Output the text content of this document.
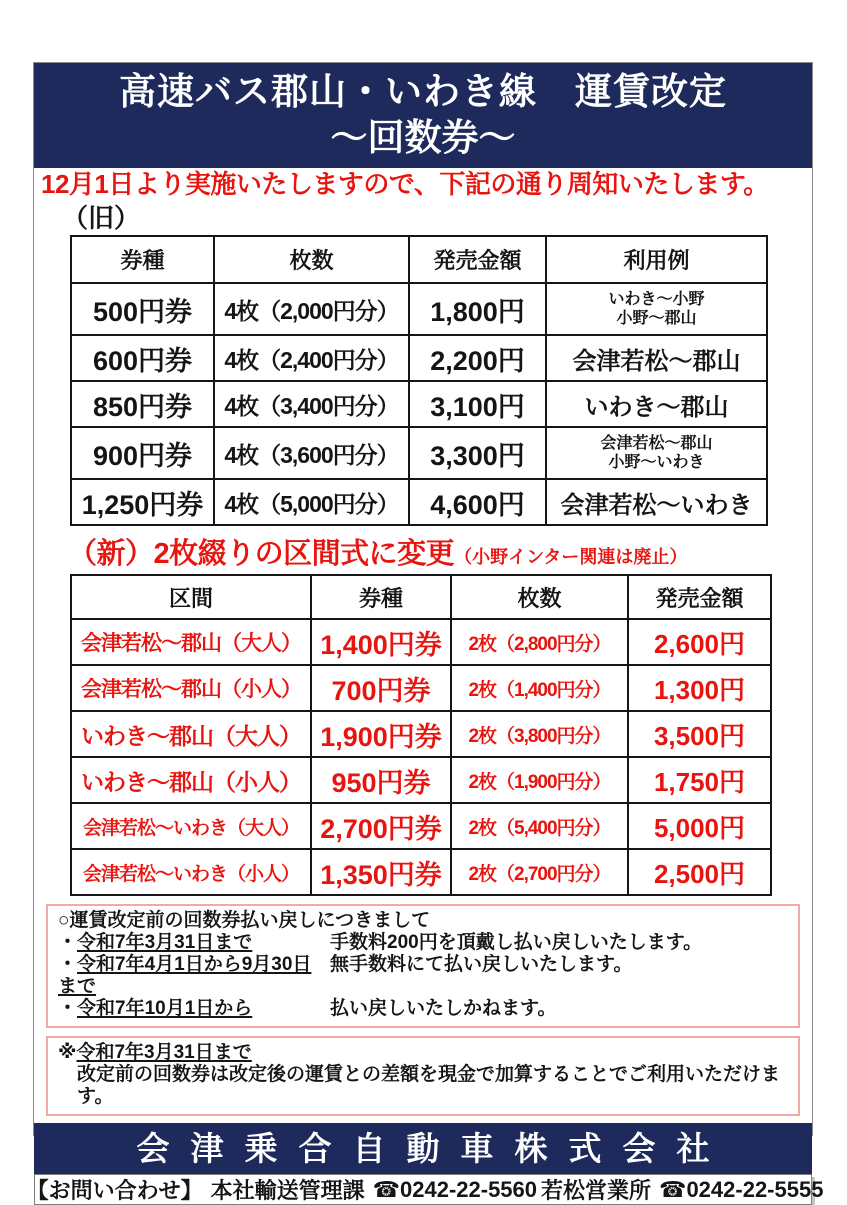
高速バス郡山・いわき線　運賃改定
～回数券～
12月1日より実施いたしますので、下記の通り周知いたします。
（旧）
券種	枚数	発売金額	利用例
500円券	4枚（2,000円分）	1,800円	いわき～小野
小野～郡山

600円券	4枚（2,400円分）	2,200円	会津若松～郡山
850円券	4枚（3,400円分）	3,100円	いわき～郡山
900円券	4枚（3,600円分）	3,300円	会津若松～郡山
小野～いわき

1,250円券	4枚（5,000円分）	4,600円	会津若松～いわき
（新）2枚綴りの区間式に変更（小野インター関連は廃止）
区間	券種	枚数	発売金額
会津若松～郡山（大人）	1,400円券	2枚（2,800円分）	2,600円
会津若松～郡山（小人）	700円券	2枚（1,400円分）	1,300円
いわき～郡山（大人）	1,900円券	2枚（3,800円分）	3,500円
いわき～郡山（小人）	950円券	2枚（1,900円分）	1,750円
会津若松～いわき（大人）	2,700円券	2枚（5,400円分）	5,000円
会津若松～いわき（小人）	1,350円券	2枚（2,700円分）	2,500円
○運賃改定前の回数券払い戻しにつきまして
・令和7年3月31日まで	手数料200円を頂戴し払い戻しいたします。
・令和7年4月1日から9月30日まで
無手数料にて払い戻しいたします。
・令和7年10月1日から	払い戻しいたしかねます。
※令和7年3月31日まで
改定前の回数券は改定後の運賃との差額を現金で加算することでご利用いただけます。
会津乗合自動車株式会社
【お問い合わせ】 本社輸送管理課 ☎ 0242-22-5560 若松営業所 ☎ 0242-22-5555
